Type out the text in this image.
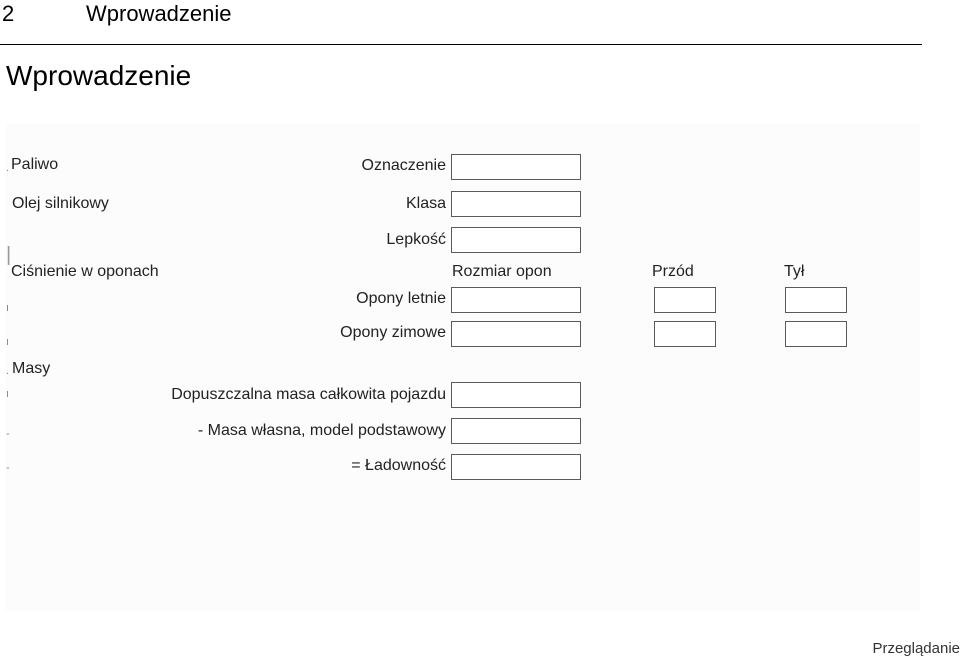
2	Wprowadzenie
Wprowadzenie
. Paliwo	Oznaczenie
Olej silnikowy	Klasa
Lepkość
|
Ciśnienie w oponach	Rozmiar opon	Przód	Tył
ı
Opony letnie
ı
Opony zimowe
. Masy
ı	Dopuszczalna masa całkowita pojazdu
-	- Masa własna, model podstawowy
-	= Ładowność
Przeglądanie
